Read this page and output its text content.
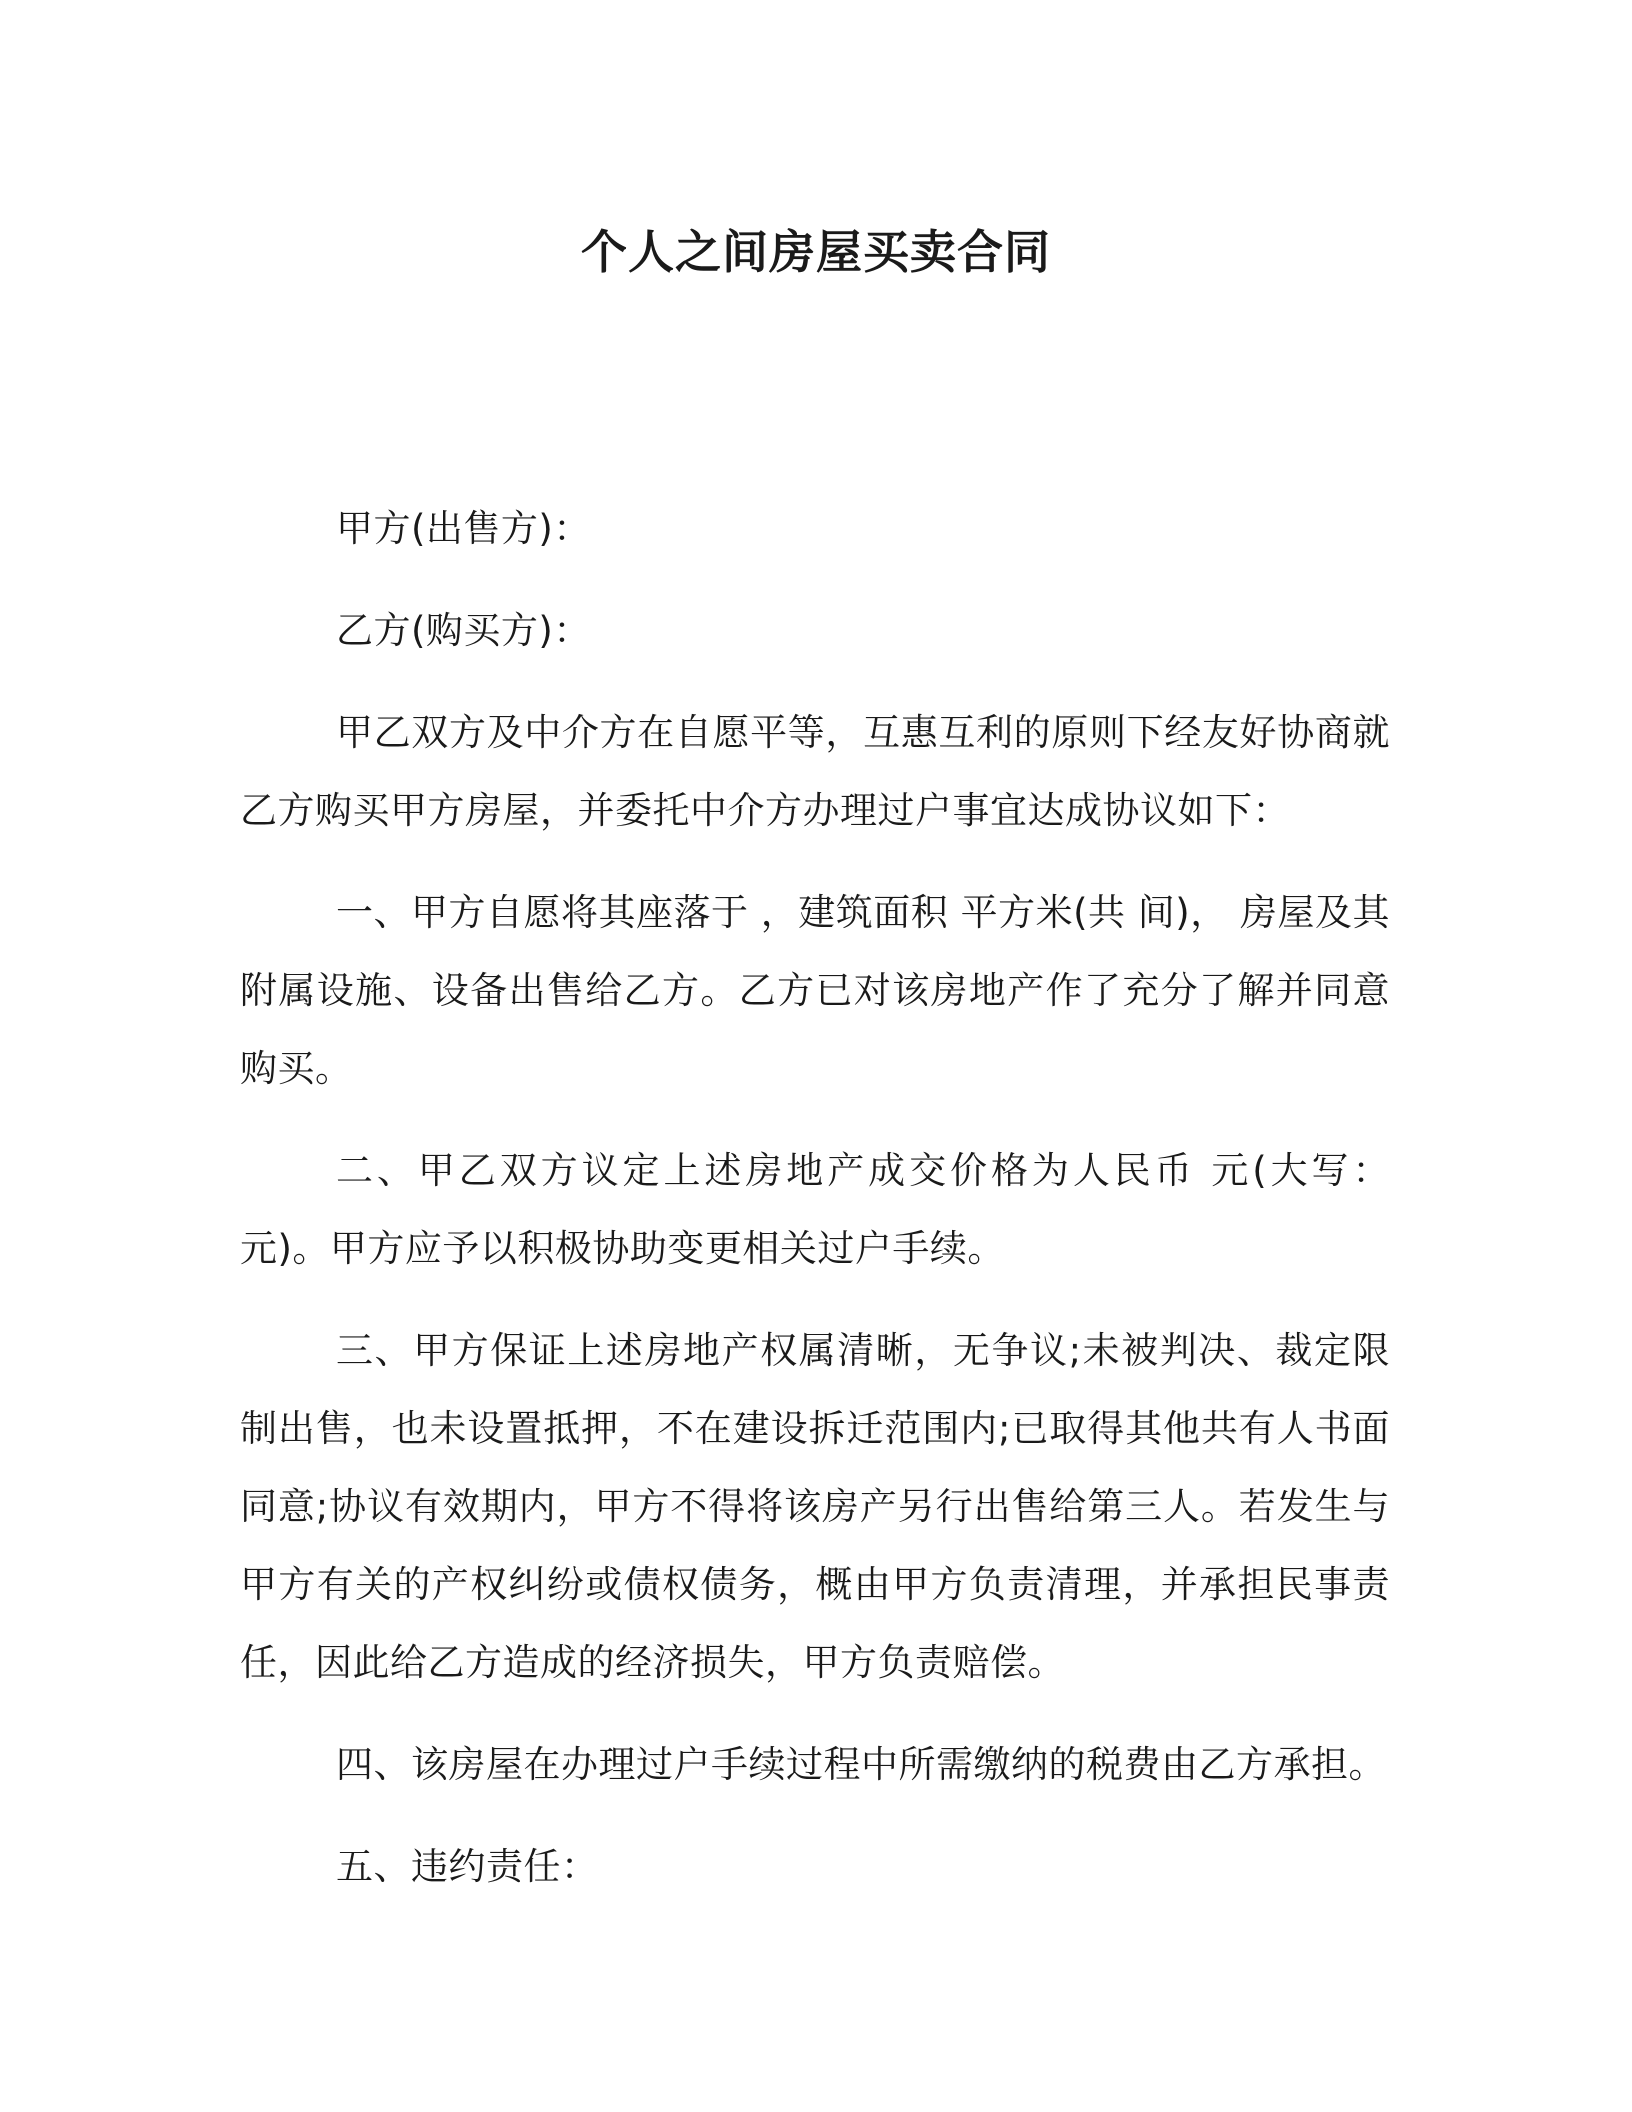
个人之间房屋买卖合同

甲方(出售方)：

乙方(购买方)：

甲乙双方及中介方在自愿平等，互惠互利的原则下经友好协商就乙方购买甲方房屋，并委托中介方办理过户事宜达成协议如下：

一、甲方自愿将其座落于 ，建筑面积 平方米(共 间)， 房屋及其附属设施、设备出售给乙方。乙方已对该房地产作了充分了解并同意购买。

二、甲乙双方议定上述房地产成交价格为人民币 元(大写： 元)。甲方应予以积极协助变更相关过户手续。

三、甲方保证上述房地产权属清晰，无争议;未被判决、裁定限制出售，也未设置抵押，不在建设拆迁范围内;已取得其他共有人书面同意;协议有效期内，甲方不得将该房产另行出售给第三人。若发生与甲方有关的产权纠纷或债权债务，概由甲方负责清理，并承担民事责任，因此给乙方造成的经济损失，甲方负责赔偿。

四、该房屋在办理过户手续过程中所需缴纳的税费由乙方承担。

五、违约责任：
